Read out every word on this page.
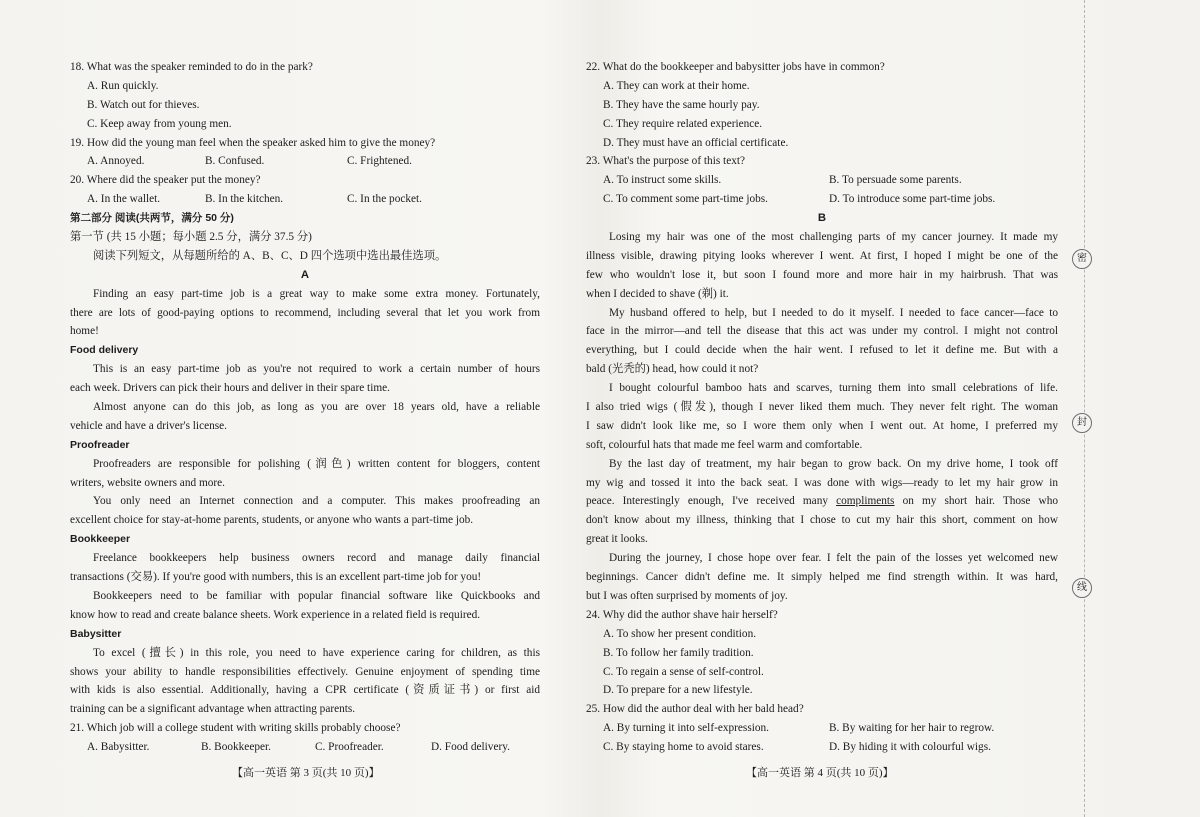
18. What was the speaker reminded to do in the park?
A. Run quickly.
B. Watch out for thieves.
C. Keep away from young men.
19. How did the young man feel when the speaker asked him to give the money?
A. Annoyed.	B. Confused.	C. Frightened.
20. Where did the speaker put the money?
A. In the wallet.	B. In the kitchen.	C. In the pocket.
第二部分 阅读(共两节，满分 50 分)
第一节 (共 15 小题；每小题 2.5 分，满分 37.5 分)
阅读下列短文，从每题所给的 A、B、C、D 四个选项中选出最佳选项。
A
Finding an easy part-time job is a great way to make some extra money. Fortunately,
there are lots of good-paying options to recommend, including several that let you work from
home!
Food delivery
This is an easy part-time job as you're not required to work a certain number of hours
each week. Drivers can pick their hours and deliver in their spare time.
Almost anyone can do this job, as long as you are over 18 years old, have a reliable
vehicle and have a driver's license.
Proofreader
Proofreaders are responsible for polishing (润色) written content for bloggers, content
writers, website owners and more.
You only need an Internet connection and a computer. This makes proofreading an
excellent choice for stay-at-home parents, students, or anyone who wants a part-time job.
Bookkeeper
Freelance bookkeepers help business owners record and manage daily financial
transactions (交易). If you're good with numbers, this is an excellent part-time job for you!
Bookkeepers need to be familiar with popular financial software like Quickbooks and
know how to read and create balance sheets. Work experience in a related field is required.
Babysitter
To excel (擅长) in this role, you need to have experience caring for children, as this
shows your ability to handle responsibilities effectively. Genuine enjoyment of spending time
with kids is also essential. Additionally, having a CPR certificate (资质证书) or first aid
training can be a significant advantage when attracting parents.
21. Which job will a college student with writing skills probably choose?
A. Babysitter.	B. Bookkeeper.	C. Proofreader.	D. Food delivery.
22. What do the bookkeeper and babysitter jobs have in common?
A. They can work at their home.
B. They have the same hourly pay.
C. They require related experience.
D. They must have an official certificate.
23. What's the purpose of this text?
A. To instruct some skills.	B. To persuade some parents.
C. To comment some part-time jobs.	D. To introduce some part-time jobs.
B
Losing my hair was one of the most challenging parts of my cancer journey. It made my
illness visible, drawing pitying looks wherever I went. At first, I hoped I might be one of the
few who wouldn't lose it, but soon I found more and more hair in my hairbrush. That was
when I decided to shave (剃) it.
My husband offered to help, but I needed to do it myself. I needed to face cancer—face to
face in the mirror—and tell the disease that this act was under my control. I might not control
everything, but I could decide when the hair went. I refused to let it define me. But with a
bald (光秃的) head, how could it not?
I bought colourful bamboo hats and scarves, turning them into small celebrations of life.
I also tried wigs (假发), though I never liked them much. They never felt right. The woman
I saw didn't look like me, so I wore them only when I went out. At home, I preferred my
soft, colourful hats that made me feel warm and comfortable.
By the last day of treatment, my hair began to grow back. On my drive home, I took off
my wig and tossed it into the back seat. I was done with wigs—ready to let my hair grow in
peace. Interestingly enough, I've received many compliments on my short hair. Those who
don't know about my illness, thinking that I chose to cut my hair this short, comment on how
great it looks.
During the journey, I chose hope over fear. I felt the pain of the losses yet welcomed new
beginnings. Cancer didn't define me. It simply helped me find strength within. It was hard,
but I was often surprised by moments of joy.
24. Why did the author shave hair herself?
A. To show her present condition.
B. To follow her family tradition.
C. To regain a sense of self-control.
D. To prepare for a new lifestyle.
25. How did the author deal with her bald head?
A. By turning it into self-expression.	B. By waiting for her hair to regrow.
C. By staying home to avoid stares.	D. By hiding it with colourful wigs.
【高一英语 第 3 页(共 10 页)】	【高一英语 第 4 页(共 10 页)】
密
封
线
